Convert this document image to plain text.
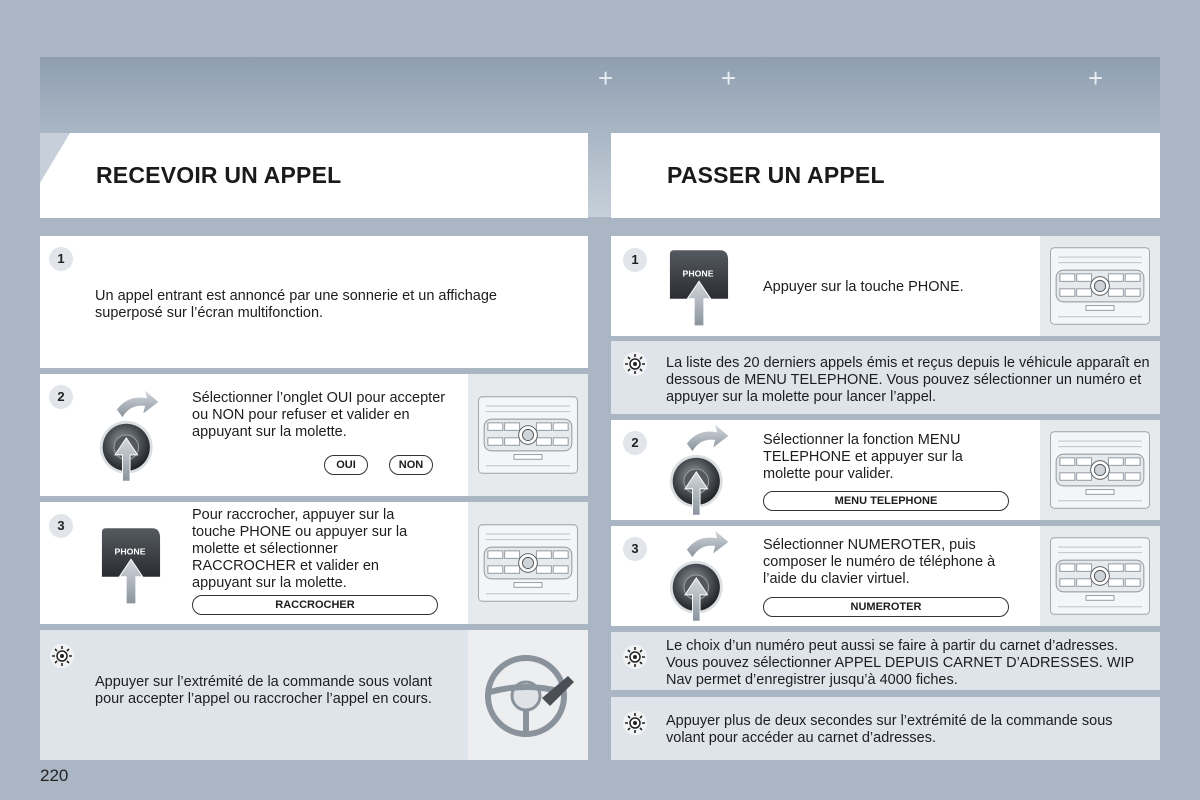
+	+	+
RECEVOIR UN APPEL
1
Un appel entrant est annoncé par une sonnerie et un affichage superposé sur l’écran multifonction.
2	Sélectionner l’onglet OUI pour accepter ou NON pour refuser et valider en appuyant sur la molette.
OUI	NON
3
Pour raccrocher, appuyer sur la touche PHONE ou appuyer sur la molette et sélectionner RACCROCHER et valider en appuyant sur la molette.
RACCROCHER
Appuyer sur l’extrémité de la commande sous volant pour accepter l’appel ou raccrocher l’appel en cours.
PASSER UN APPEL
1
Appuyer sur la touche PHONE.
La liste des 20 derniers appels émis et reçus depuis le véhicule apparaît en dessous de MENU TELEPHONE. Vous pouvez sélectionner un numéro et appuyer sur la molette pour lancer l’appel.
2	Sélectionner la fonction MENU TELEPHONE et appuyer sur la molette pour valider.
MENU TELEPHONE
3	Sélectionner NUMEROTER, puis composer le numéro de téléphone à l’aide du clavier virtuel.
NUMEROTER
Le choix d’un numéro peut aussi se faire à partir du carnet d’adresses. Vous pouvez sélectionner APPEL DEPUIS CARNET D’ADRESSES. WIP Nav permet d’enregistrer jusqu’à 4000 fiches.
Appuyer plus de deux secondes sur l’extrémité de la commande sous volant pour accéder au carnet d’adresses.
220
